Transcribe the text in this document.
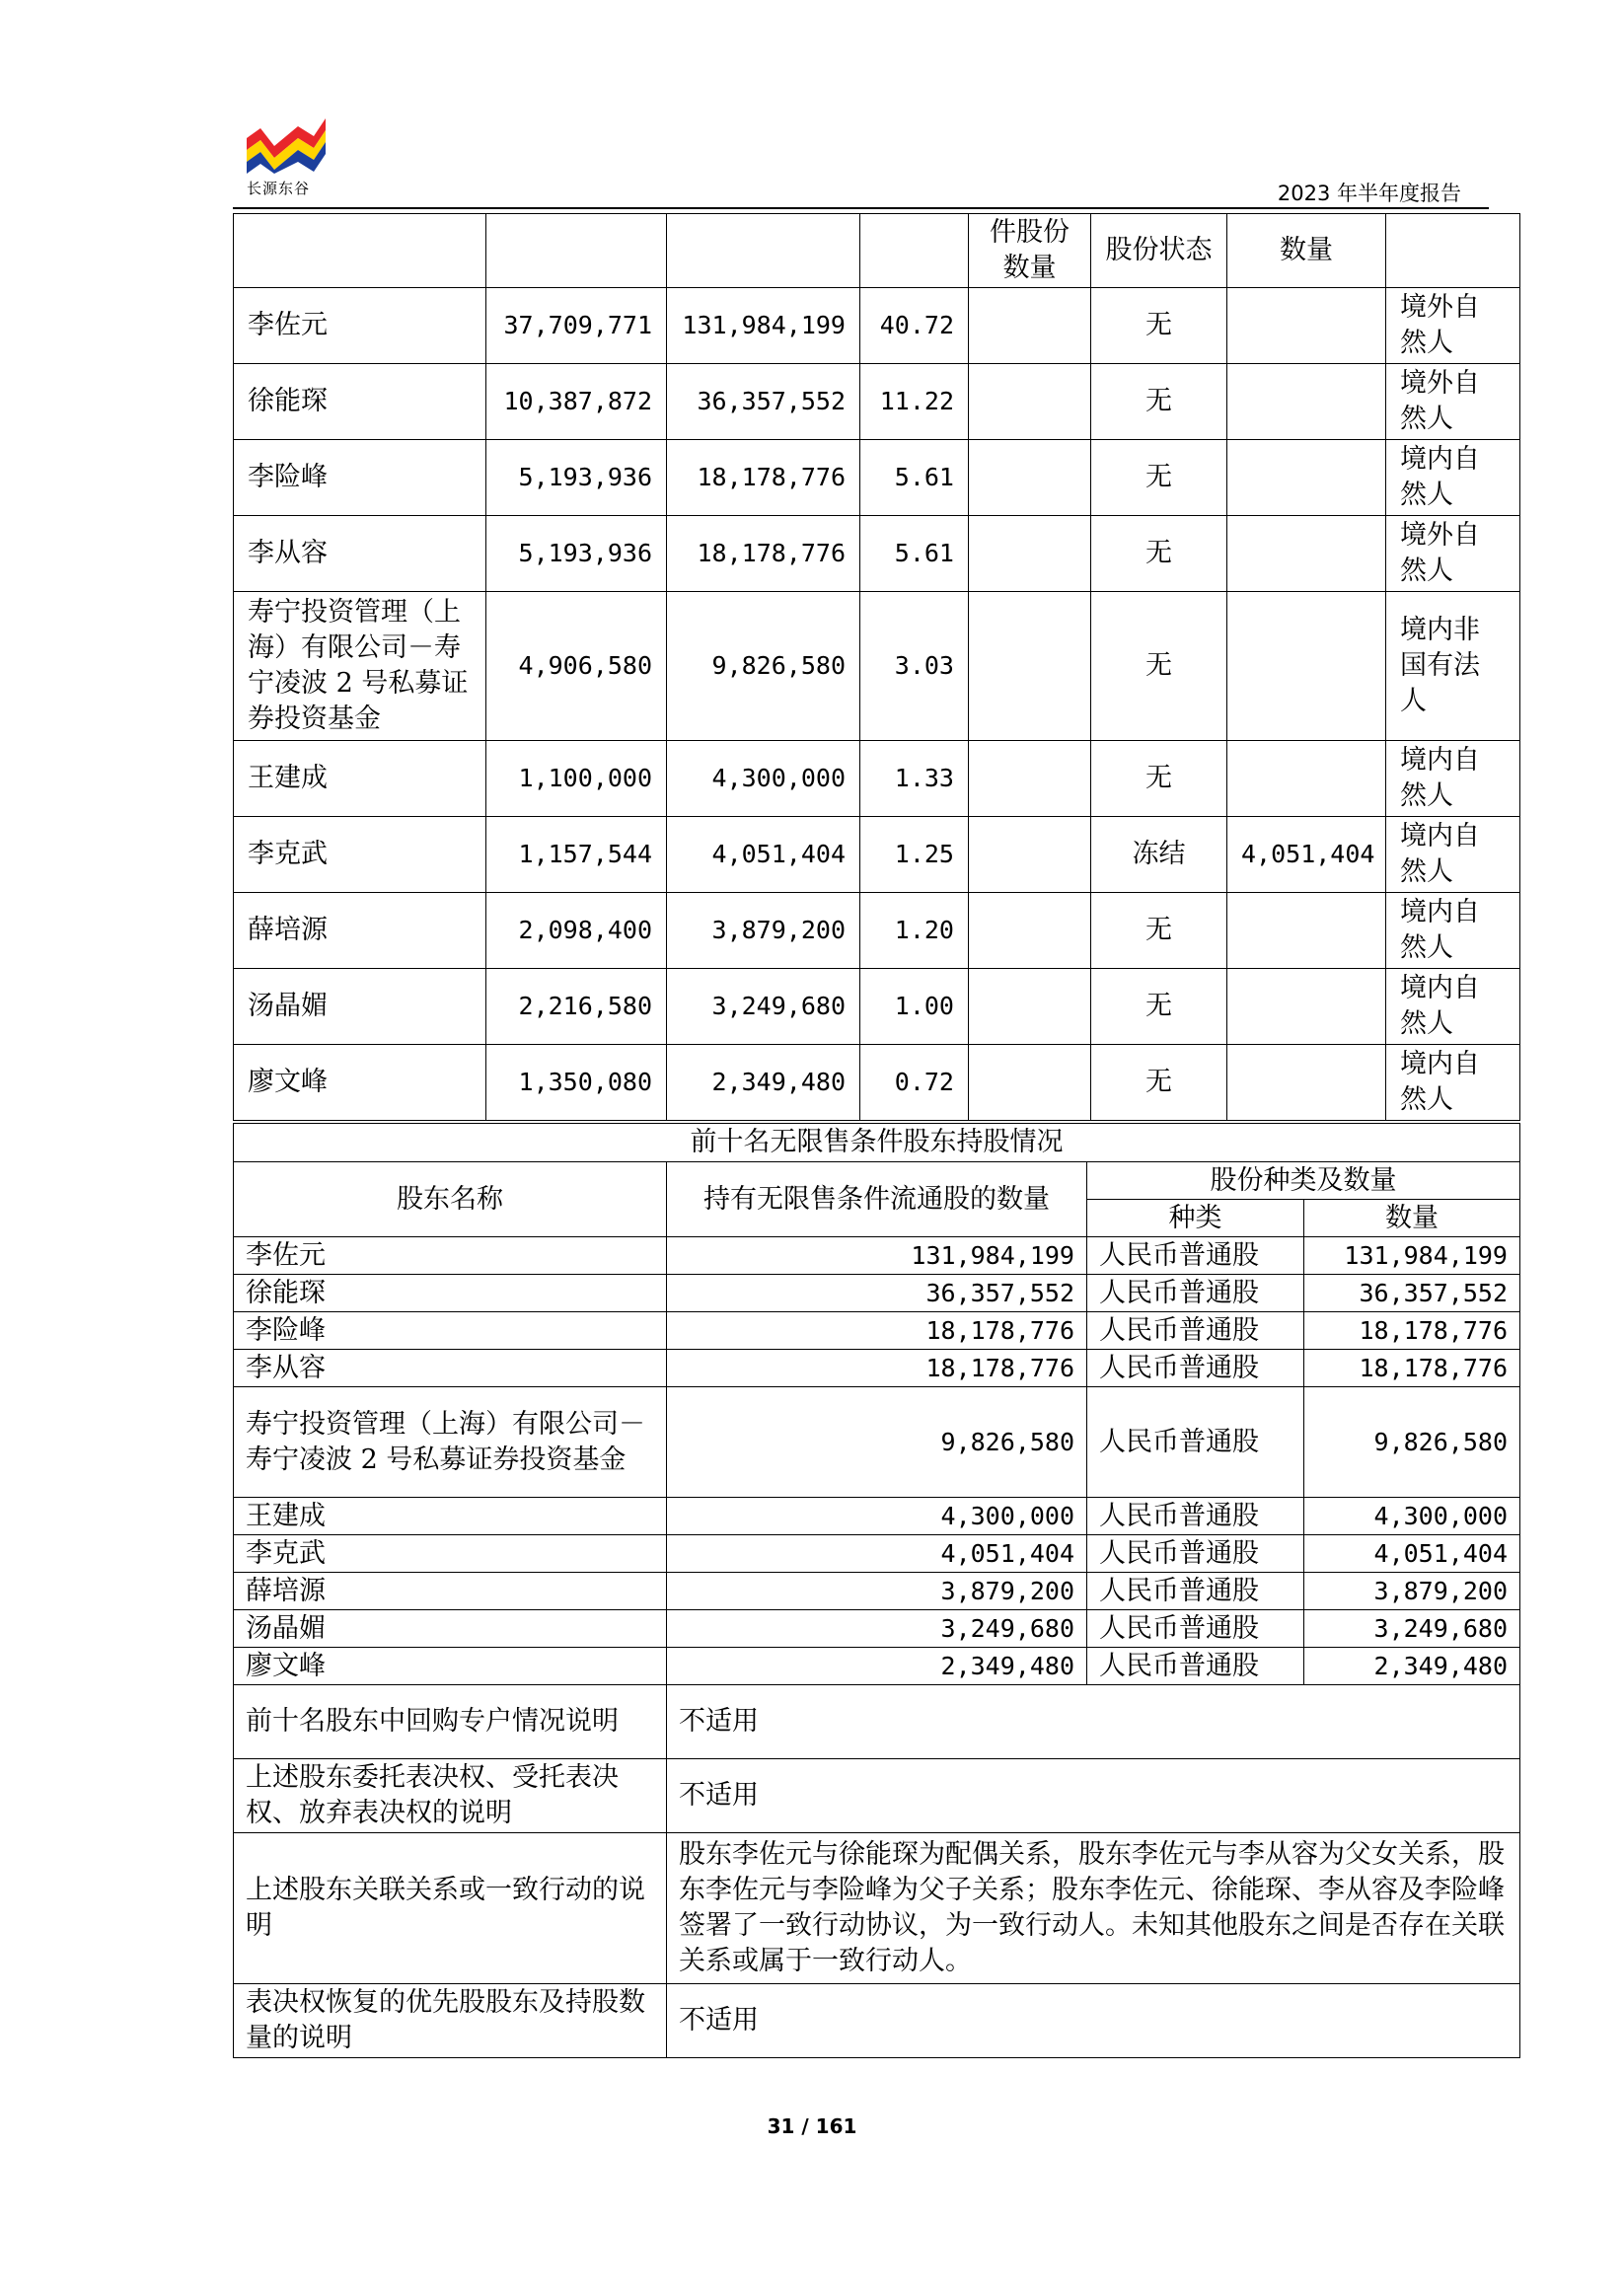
长源东谷	2023 年半年度报告
				件股份数量	股份状态	数量	
李佐元	37,709,771	131,984,199	40.72		无		境外自然人
徐能琛	10,387,872	36,357,552	11.22		无		境外自然人
李险峰	5,193,936	18,178,776	5.61		无		境内自然人
李从容	5,193,936	18,178,776	5.61		无		境外自然人
寿宁投资管理（上海）有限公司－寿宁凌波 2 号私募证券投资基金	4,906,580	9,826,580	3.03		无		境内非国有法人
王建成	1,100,000	4,300,000	1.33		无		境内自然人
李克武	1,157,544	4,051,404	1.25		冻结	4,051,404	境内自然人
薛培源	2,098,400	3,879,200	1.20		无		境内自然人
汤晶媚	2,216,580	3,249,680	1.00		无		境内自然人
廖文峰	1,350,080	2,349,480	0.72		无		境内自然人
前十名无限售条件股东持股情况			
股东名称	持有无限售条件流通股的数量	股份种类及数量	
		种类	数量
李佐元	131,984,199	人民币普通股	131,984,199
徐能琛	36,357,552	人民币普通股	36,357,552
李险峰	18,178,776	人民币普通股	18,178,776
李从容	18,178,776	人民币普通股	18,178,776
寿宁投资管理（上海）有限公司－寿宁凌波 2 号私募证券投资基金	9,826,580	人民币普通股	9,826,580
王建成	4,300,000	人民币普通股	4,300,000
李克武	4,051,404	人民币普通股	4,051,404
薛培源	3,879,200	人民币普通股	3,879,200
汤晶媚	3,249,680	人民币普通股	3,249,680
廖文峰	2,349,480	人民币普通股	2,349,480
前十名股东中回购专户情况说明	不适用		
上述股东委托表决权、受托表决权、放弃表决权的说明	不适用		
上述股东关联关系或一致行动的说明	股东李佐元与徐能琛为配偶关系，股东李佐元与李从容为父女关系，股东李佐元与李险峰为父子关系；股东李佐元、徐能琛、李从容及李险峰签署了一致行动协议，为一致行动人。未知其他股东之间是否存在关联关系或属于一致行动人。		
表决权恢复的优先股股东及持股数量的说明	不适用		
31 / 161
